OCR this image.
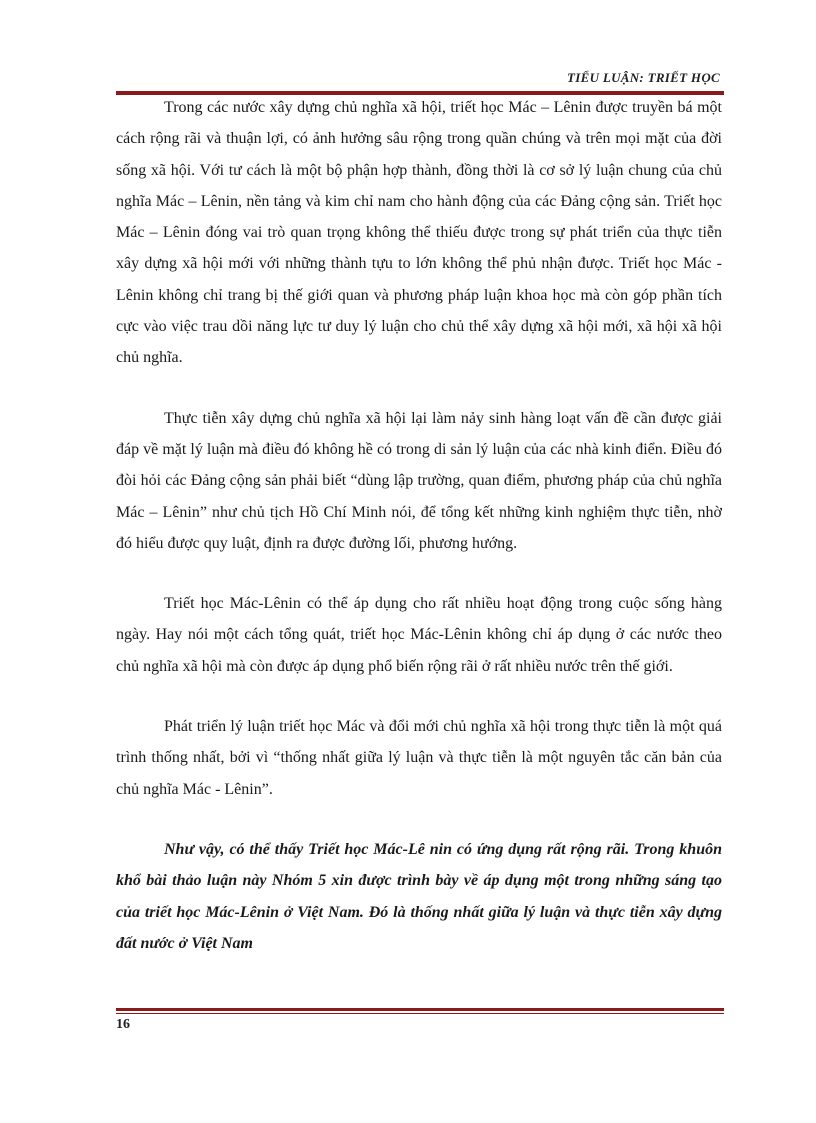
TIỂU LUẬN: TRIẾT HỌC

Trong các nước xây dựng chủ nghĩa xã hội, triết học Mác – Lênin được truyền bá một cách rộng rãi và thuận lợi, có ảnh hưởng sâu rộng trong quần chúng và trên mọi mặt của đời sống xã hội. Với tư cách là một bộ phận hợp thành, đồng thời là cơ sở lý luận chung của chủ nghĩa Mác – Lênin, nền tảng và kim chỉ nam cho hành động của các Đảng cộng sản. Triết học Mác – Lênin đóng vai trò quan trọng không thể thiếu được trong sự phát triển của thực tiễn xây dựng xã hội mới với những thành tựu to lớn không thể phủ nhận được. Triết học Mác - Lênin không chỉ trang bị thế giới quan và phương pháp luận khoa học mà còn góp phần tích cực vào việc trau dồi năng lực tư duy lý luận cho chủ thể xây dựng xã hội mới, xã hội xã hội chủ nghĩa.

Thực tiễn xây dựng chủ nghĩa xã hội lại làm nảy sinh hàng loạt vấn đề cần được giải đáp về mặt lý luận mà điều đó không hề có trong di sản lý luận của các nhà kinh điển. Điều đó đòi hỏi các Đảng cộng sản phải biết “dùng lập trường, quan điểm, phương pháp của chủ nghĩa Mác – Lênin” như chủ tịch Hồ Chí Minh nói, để tổng kết những kinh nghiệm thực tiễn, nhờ đó hiểu được quy luật, định ra được đường lối, phương hướng.

Triết học Mác-Lênin có thể áp dụng cho rất nhiều hoạt động trong cuộc sống hàng ngày. Hay nói một cách tổng quát, triết học Mác-Lênin không chỉ áp dụng ở các nước theo chủ nghĩa xã hội mà còn được áp dụng phổ biến rộng rãi ở rất nhiều nước trên thế giới.

Phát triển lý luận triết học Mác và đổi mới chủ nghĩa xã hội trong thực tiễn là một quá trình thống nhất, bởi vì “thống nhất giữa lý luận và thực tiễn là một nguyên tắc căn bản của chủ nghĩa Mác - Lênin”.

Như vậy, có thể thấy Triết học Mác-Lê nin có ứng dụng rất rộng rãi. Trong khuôn khổ bài thảo luận này Nhóm 5 xin được trình bày về áp dụng một trong những sáng tạo của triết học Mác-Lênin ở Việt Nam. Đó là thống nhất giữa lý luận và thực tiễn xây dựng đất nước ở Việt Nam

16
